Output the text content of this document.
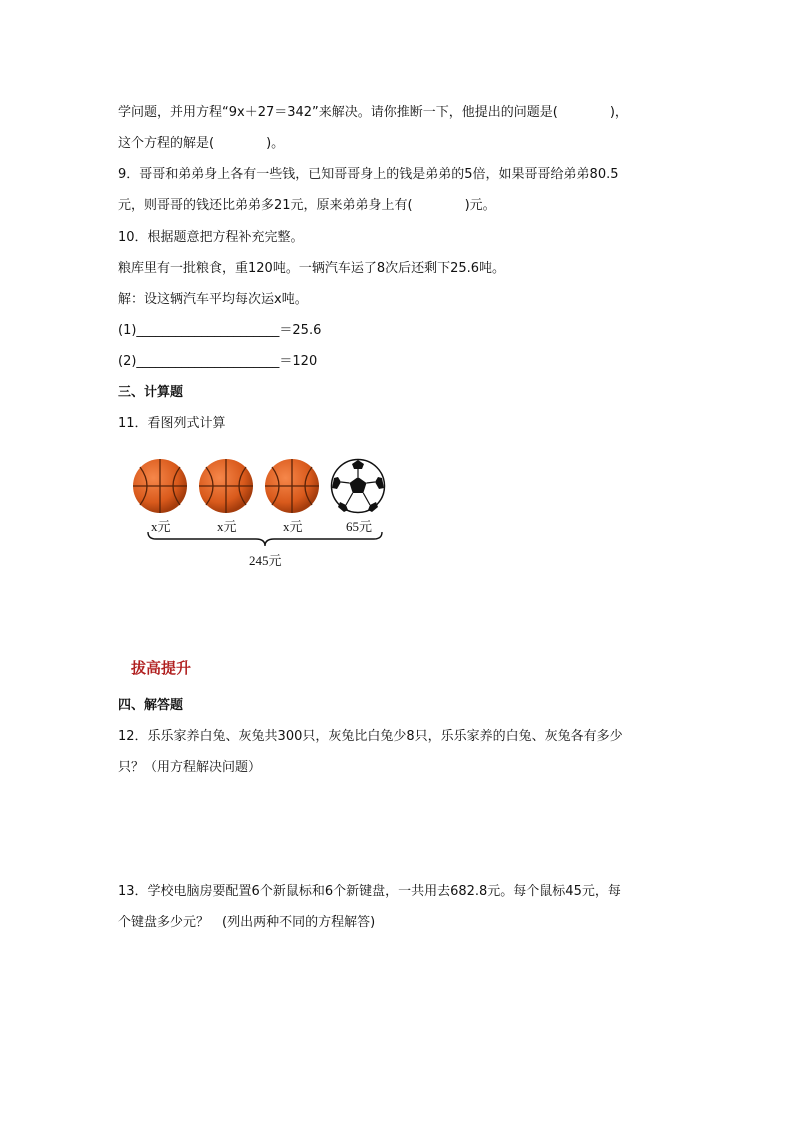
学问题，并用方程“9x＋27＝342”来解决。请你推断一下，他提出的问题是(　　　　)，
这个方程的解是(　　　　)。
9．哥哥和弟弟身上各有一些钱，已知哥哥身上的钱是弟弟的5倍，如果哥哥给弟弟80.5
元，则哥哥的钱还比弟弟多21元，原来弟弟身上有(　　　　)元。
10．根据题意把方程补充完整。
粮库里有一批粮食，重120吨。一辆汽车运了8次后还剩下25.6吨。
解：设这辆汽车平均每次运x吨。
(1)______________________＝25.6
(2)______________________＝120
三、计算题
11．看图列式计算
x元	x元	x元	65元
245元
拔高提升
四、解答题
12．乐乐家养白兔、灰兔共300只，灰兔比白兔少8只，乐乐家养的白兔、灰兔各有多少
只？（用方程解决问题）
13．学校电脑房要配置6个新鼠标和6个新键盘，一共用去682.8元。每个鼠标45元，每
个键盘多少元？　(列出两种不同的方程解答)
